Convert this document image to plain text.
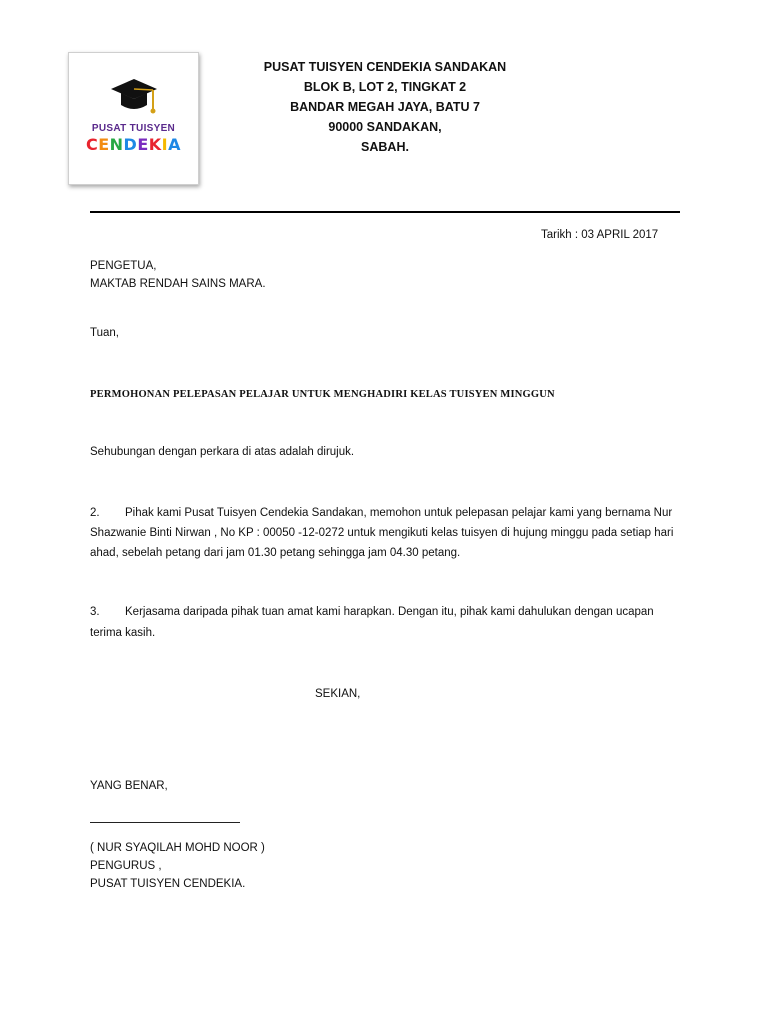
PUSAT TUISYEN
CENDEKIA
PUSAT TUISYEN CENDEKIA SANDAKAN
BLOK B, LOT 2, TINGKAT 2
BANDAR MEGAH JAYA, BATU 7
90000 SANDAKAN,
SABAH.
Tarikh : 03 APRIL 2017
PENGETUA,
MAKTAB RENDAH SAINS MARA.
Tuan,
PERMOHONAN PELEPASAN PELAJAR UNTUK MENGHADIRI KELAS TUISYEN MINGGUN
Sehubungan dengan perkara di atas adalah dirujuk.
2. Pihak kami Pusat Tuisyen Cendekia Sandakan, memohon untuk pelepasan pelajar kami yang bernama Nur
Shazwanie Binti Nirwan , No KP : 00050 -12-0272 untuk mengikuti kelas tuisyen di hujung minggu pada setiap hari
ahad, sebelah petang dari jam 01.30 petang sehingga jam 04.30 petang.
3. Kerjasama daripada pihak tuan amat kami harapkan. Dengan itu, pihak kami dahulukan dengan ucapan
terima kasih.
SEKIAN,
YANG BENAR,
( NUR SYAQILAH MOHD NOOR )
PENGURUS ,
PUSAT TUISYEN CENDEKIA.
